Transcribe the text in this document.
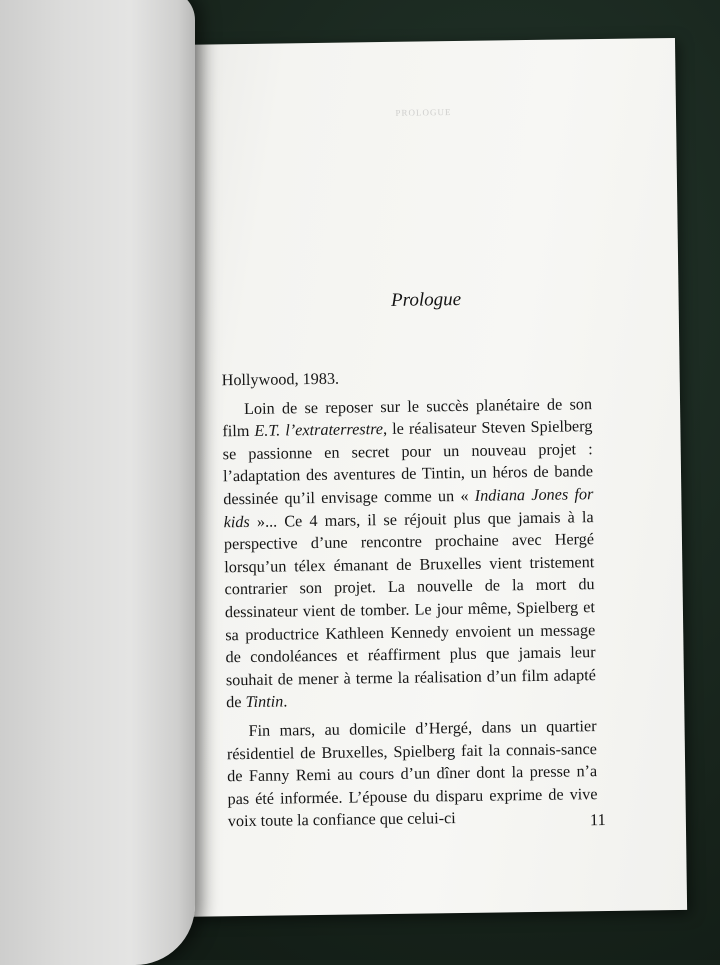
PROLOGUE
Prologue

Hollywood, 1983.

Loin de se reposer sur le succès planétaire de son film E.T. l’extraterrestre, le réalisateur Steven Spielberg se passionne en secret pour un nouveau projet : l’adaptation des aventures de Tintin, un héros de bande dessinée qu’il envisage comme un « Indiana Jones for kids »... Ce 4 mars, il se réjouit plus que jamais à la perspective d’une rencontre prochaine avec Hergé lorsqu’un télex émanant de Bruxelles vient tristement contrarier son projet. La nouvelle de la mort du dessinateur vient de tomber. Le jour même, Spielberg et sa productrice Kathleen Kennedy envoient un message de condoléances et réaffirment plus que jamais leur souhait de mener à terme la réalisation d’un film adapté de Tintin.

Fin mars, au domicile d’Hergé, dans un quartier résidentiel de Bruxelles, Spielberg fait la connais-sance de Fanny Remi au cours d’un dîner dont la presse n’a pas été informée. L’épouse du disparu exprime de vive voix toute la confiance que celui-ci	11
